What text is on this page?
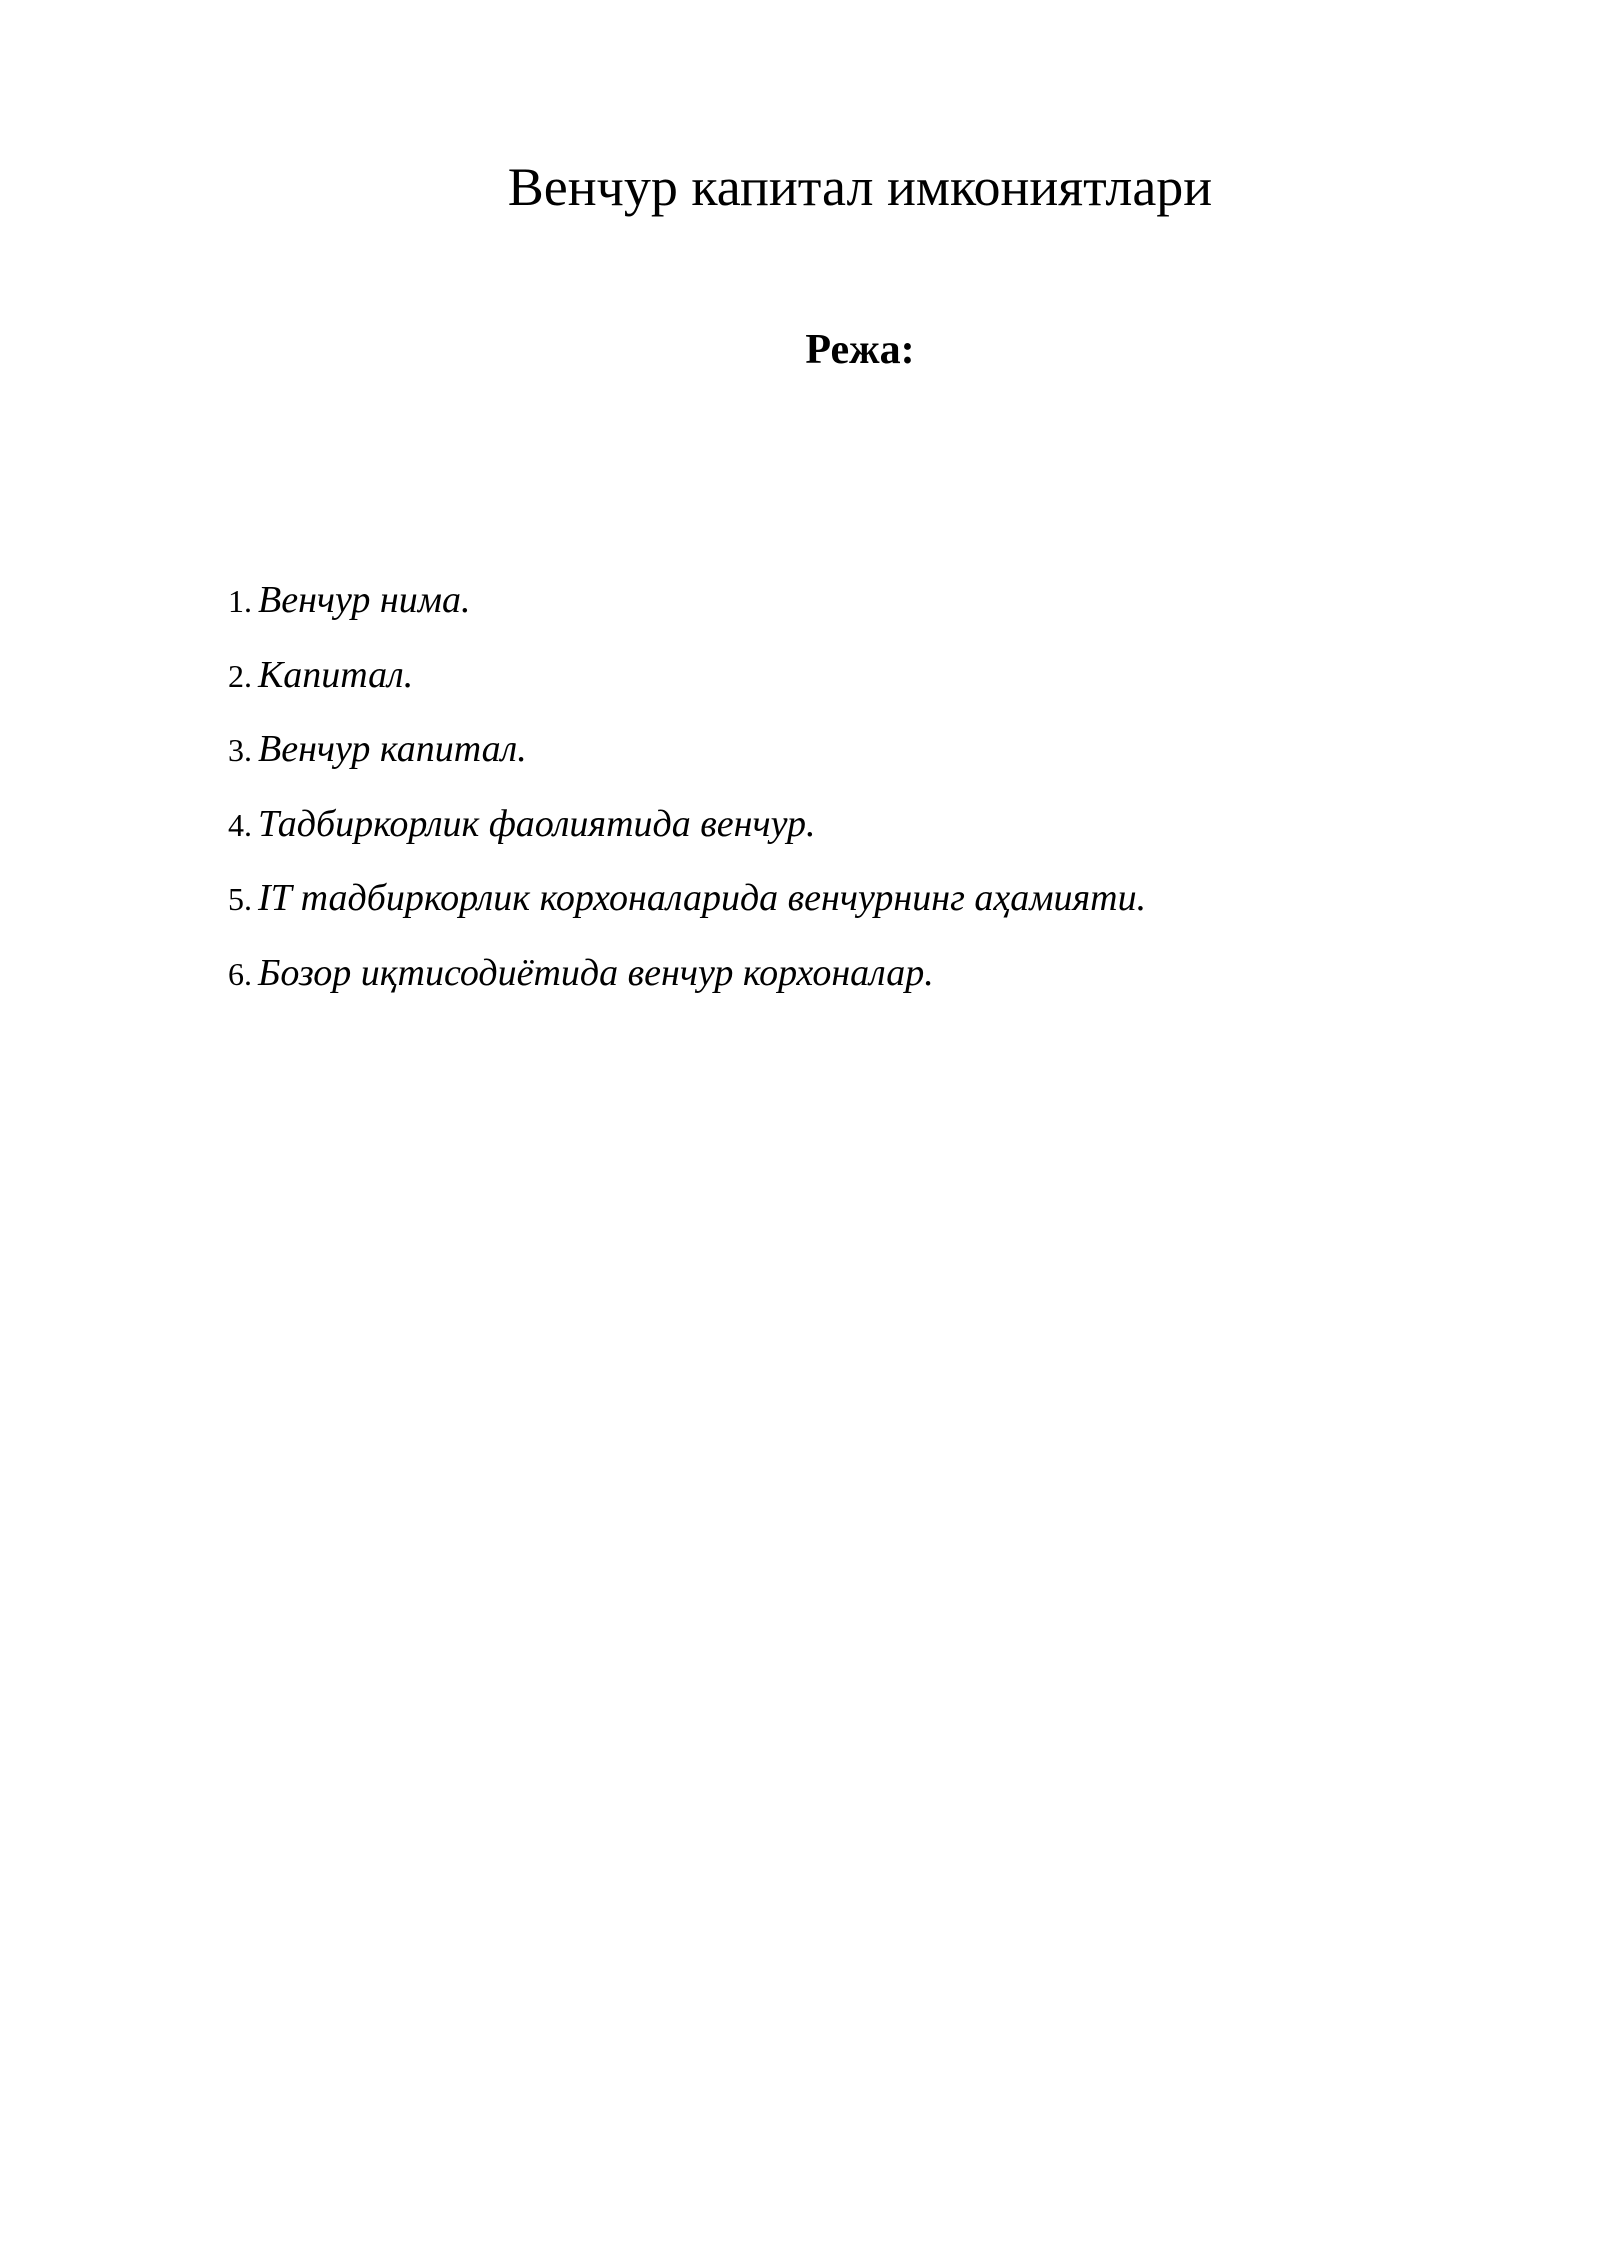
Венчур капитал имкониятлари
Режа:
1. Венчур нима.
2. Капитал.
3. Венчур капитал.
4. Тадбиркорлик фаолиятида венчур.
5. IT тадбиркорлик корхоналарида венчурнинг аҳамияти.
6. Бозор иқтисодиётида венчур корхоналар.
